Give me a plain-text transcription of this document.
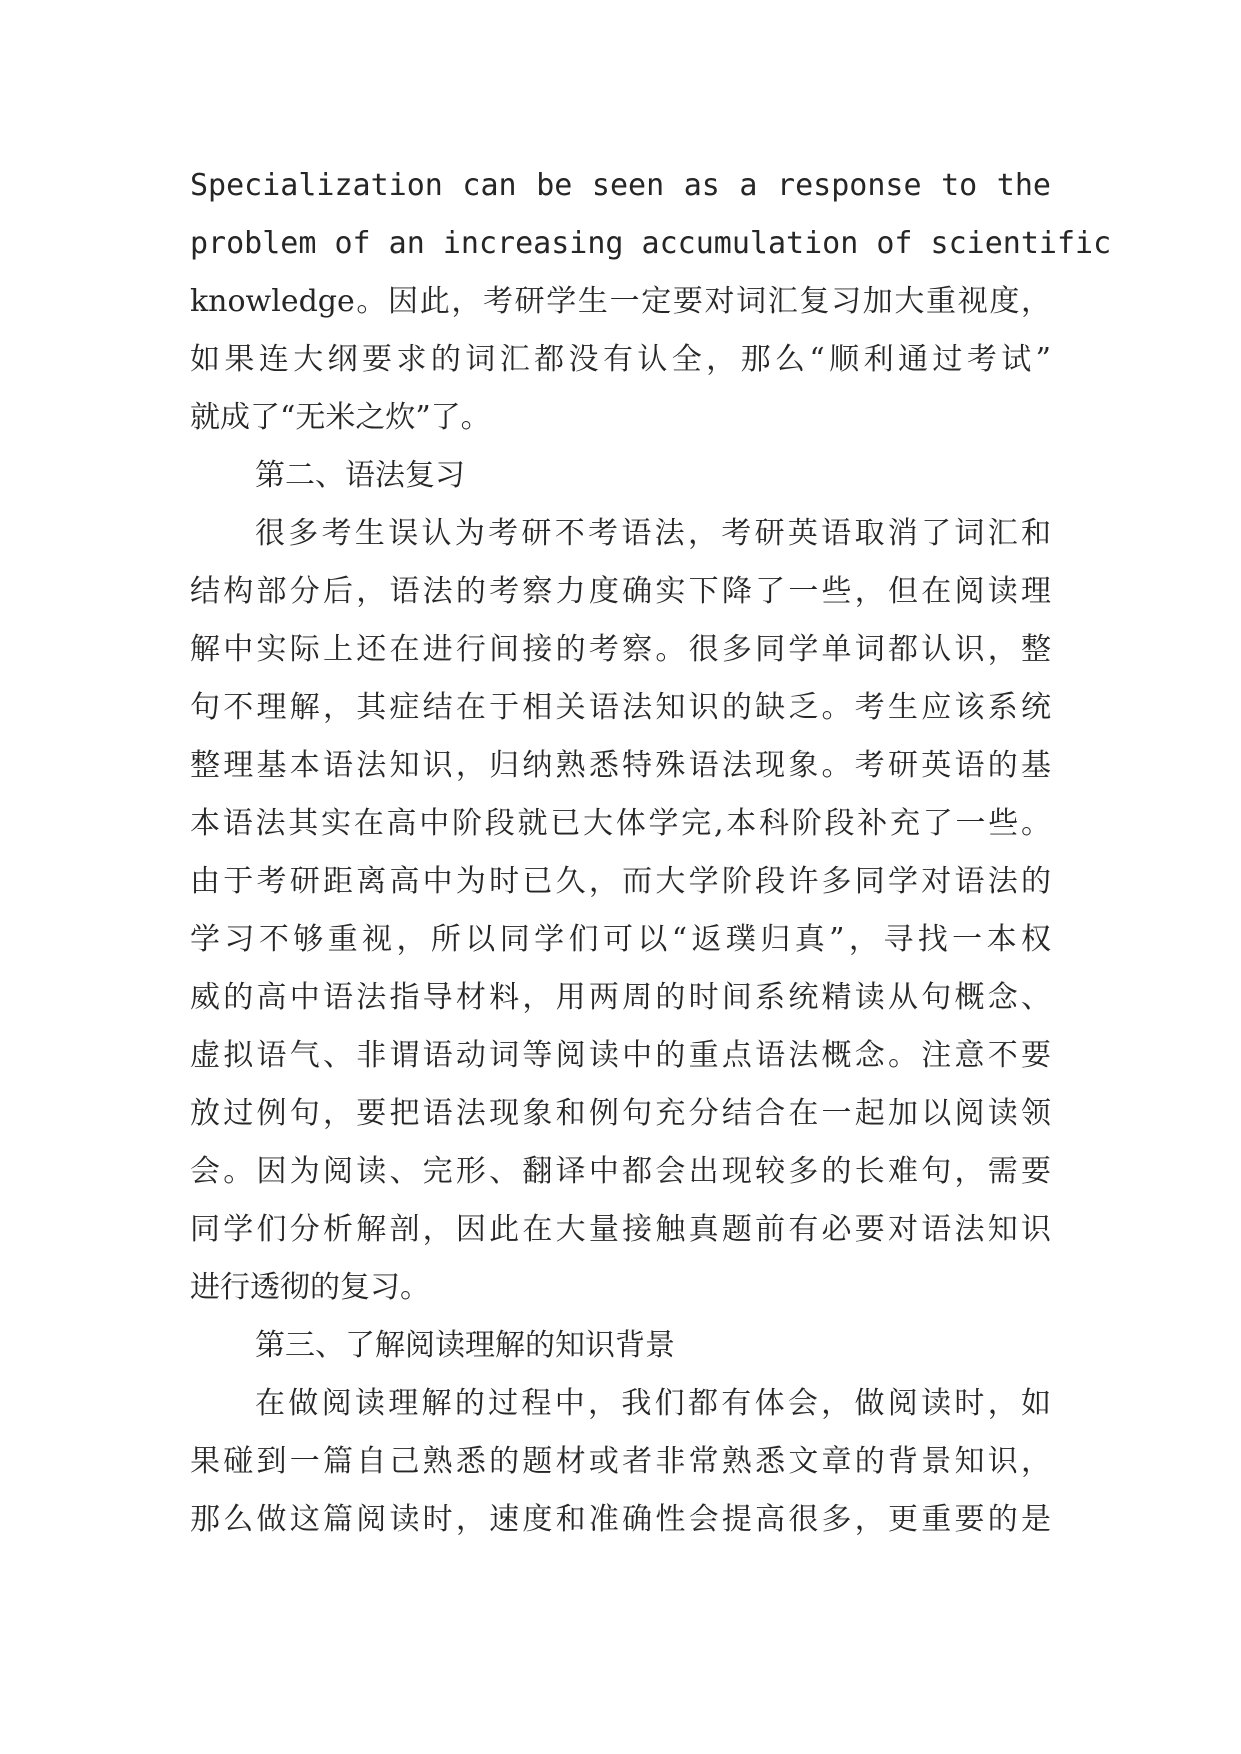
Specialization can be seen as a response to the
problem of an increasing accumulation of scientific
knowledge。因此，考研学生一定要对词汇复习加大重视度，
如果连大纲要求的词汇都没有认全，那么“顺利通过考试”
就成了“无米之炊”了。
第二、语法复习
很多考生误认为考研不考语法，考研英语取消了词汇和
结构部分后，语法的考察力度确实下降了一些，但在阅读理
解中实际上还在进行间接的考察。很多同学单词都认识，整
句不理解，其症结在于相关语法知识的缺乏。考生应该系统
整理基本语法知识，归纳熟悉特殊语法现象。考研英语的基
本语法其实在高中阶段就已大体学完,本科阶段补充了一些。
由于考研距离高中为时已久，而大学阶段许多同学对语法的
学习不够重视，所以同学们可以“返璞归真”，寻找一本权
威的高中语法指导材料，用两周的时间系统精读从句概念、
虚拟语气、非谓语动词等阅读中的重点语法概念。注意不要
放过例句，要把语法现象和例句充分结合在一起加以阅读领
会。因为阅读、完形、翻译中都会出现较多的长难句，需要
同学们分析解剖，因此在大量接触真题前有必要对语法知识
进行透彻的复习。
第三、了解阅读理解的知识背景
在做阅读理解的过程中，我们都有体会，做阅读时，如
果碰到一篇自己熟悉的题材或者非常熟悉文章的背景知识，
那么做这篇阅读时，速度和准确性会提高很多，更重要的是
